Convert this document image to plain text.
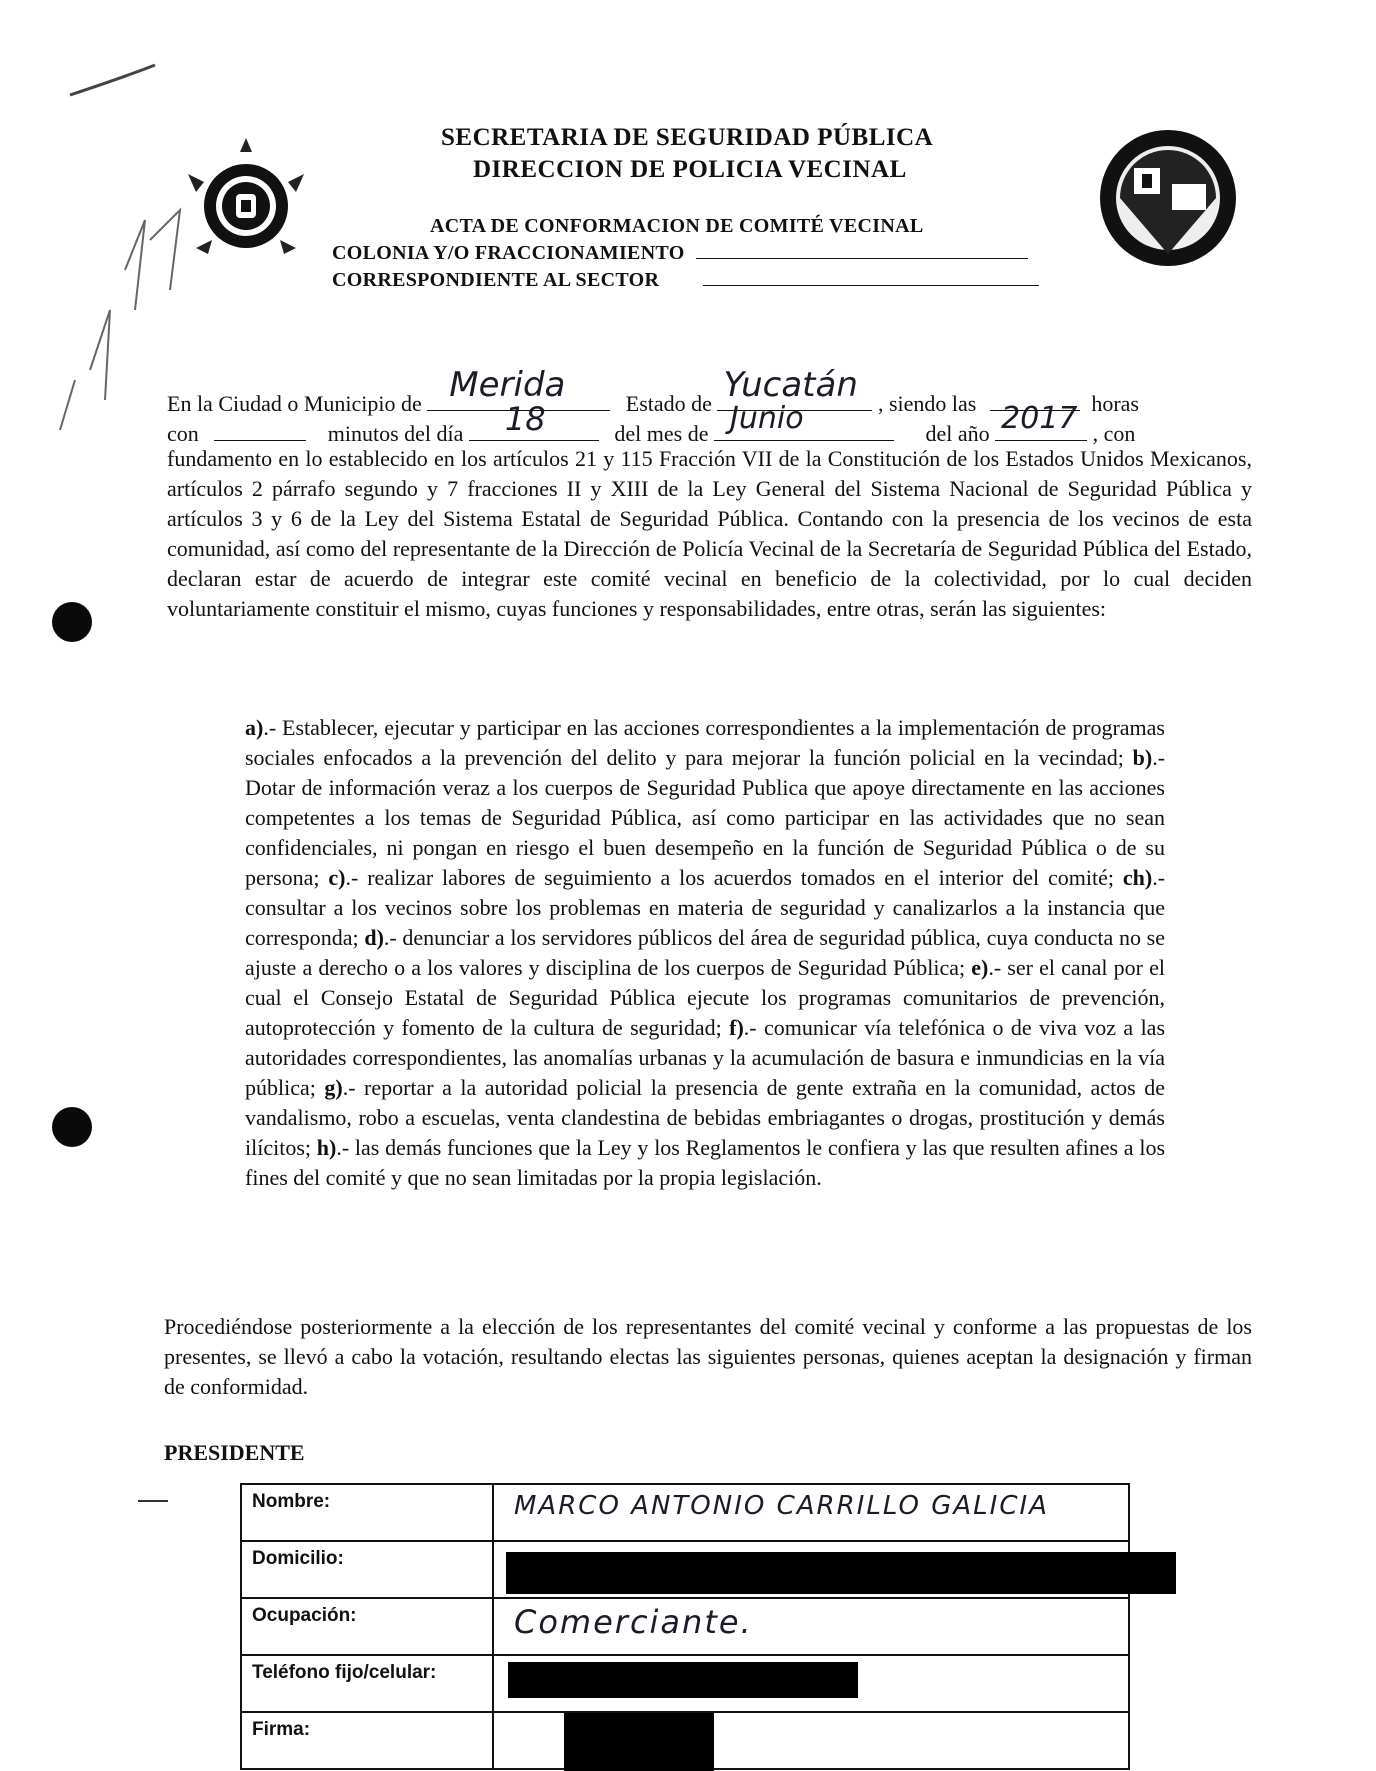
SECRETARIA DE SEGURIDAD PÚBLICA
DIRECCION DE POLICIA VECINAL
ACTA DE CONFORMACION DE COMITÉ VECINAL
COLONIA Y/O FRACCIONAMIENTO
CORRESPONDIENTE AL SECTOR
En la Ciudad o Municipio de Merida	Estado de Yucatán , siendo las	horas
con	minutos del día 18	del mes de Junio	del año 2017 , con
fundamento en lo establecido en los artículos 21 y 115 Fracción VII de la Constitución de los Estados Unidos Mexicanos, artículos 2 párrafo segundo y 7 fracciones II y XIII de la Ley General del Sistema Nacional de Seguridad Pública y artículos 3 y 6 de la Ley del Sistema Estatal de Seguridad Pública. Contando con la presencia de los vecinos de esta comunidad, así como del representante de la Dirección de Policía Vecinal de la Secretaría de Seguridad Pública del Estado, declaran estar de acuerdo de integrar este comité vecinal en beneficio de la colectividad, por lo cual deciden voluntariamente constituir el mismo, cuyas funciones y responsabilidades, entre otras, serán las siguientes:
a).- Establecer, ejecutar y participar en las acciones correspondientes a la implementación de programas sociales enfocados a la prevención del delito y para mejorar la función policial en la vecindad; b).- Dotar de información veraz a los cuerpos de Seguridad Publica que apoye directamente en las acciones competentes a los temas de Seguridad Pública, así como participar en las actividades que no sean confidenciales, ni pongan en riesgo el buen desempeño en la función de Seguridad Pública o de su persona; c).- realizar labores de seguimiento a los acuerdos tomados en el interior del comité; ch).- consultar a los vecinos sobre los problemas en materia de seguridad y canalizarlos a la instancia que corresponda; d).- denunciar a los servidores públicos del área de seguridad pública, cuya conducta no se ajuste a derecho o a los valores y disciplina de los cuerpos de Seguridad Pública; e).- ser el canal por el cual el Consejo Estatal de Seguridad Pública ejecute los programas comunitarios de prevención, autoprotección y fomento de la cultura de seguridad; f).- comunicar vía telefónica o de viva voz a las autoridades correspondientes, las anomalías urbanas y la acumulación de basura e inmundicias en la vía pública; g).- reportar a la autoridad policial la presencia de gente extraña en la comunidad, actos de vandalismo, robo a escuelas, venta clandestina de bebidas embriagantes o drogas, prostitución y demás ilícitos; h).- las demás funciones que la Ley y los Reglamentos le confiera y las que resulten afines a los fines del comité y que no sean limitadas por la propia legislación.
Procediéndose posteriormente a la elección de los representantes del comité vecinal y conforme a las propuestas de los presentes, se llevó a cabo la votación, resultando electas las siguientes personas, quienes aceptan la designación y firman de conformidad.
PRESIDENTE
Nombre:	MARCO ANTONIO CARRILLO GALICIA

Domicilio:	

Ocupación:	Comerciante.

Teléfono fijo/celular:	

Firma:	
